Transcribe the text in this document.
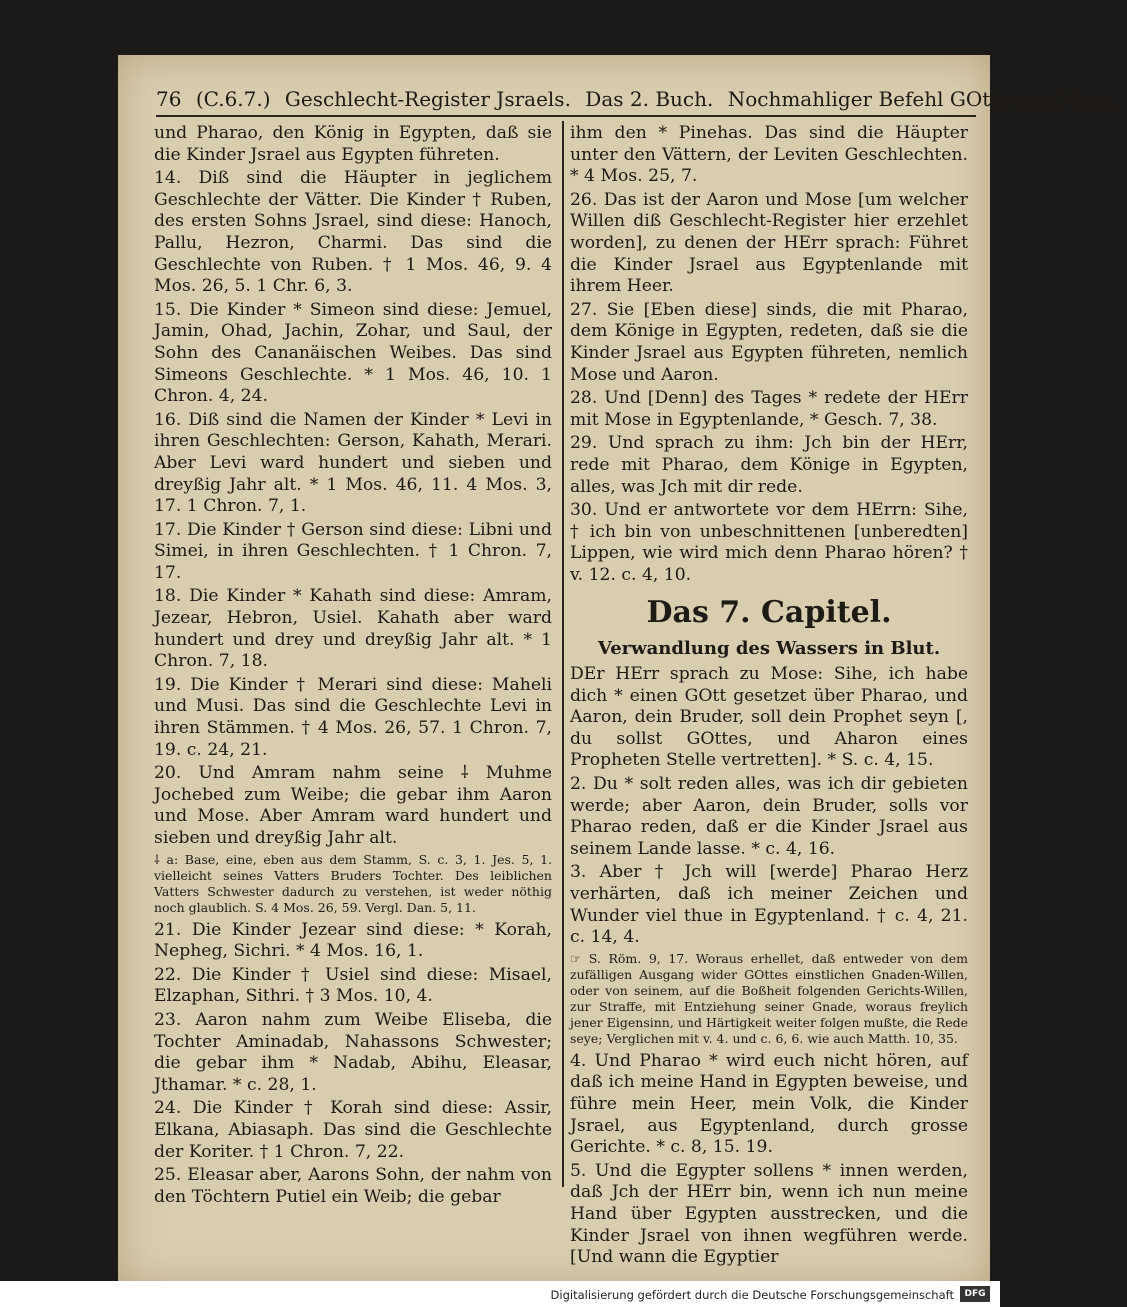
76 (C.6.7.) Geschlecht-Register Jsraels. Das 2. Buch. Nochmahliger Befehl GOttes an Mose.

und Pharao, den König in Egypten, daß sie die Kinder Jsrael aus Egypten führeten.

14. Diß sind die Häupter in jeglichem Geschlechte der Vätter. Die Kinder † Ruben, des ersten Sohns Jsrael, sind diese: Hanoch, Pallu, Hezron, Charmi. Das sind die Geschlechte von Ruben. † 1 Mos. 46, 9. 4 Mos. 26, 5. 1 Chr. 6, 3.

15. Die Kinder * Simeon sind diese: Jemuel, Jamin, Ohad, Jachin, Zohar, und Saul, der Sohn des Cananäischen Weibes. Das sind Simeons Geschlechte. * 1 Mos. 46, 10. 1 Chron. 4, 24.

16. Diß sind die Namen der Kinder * Levi in ihren Geschlechten: Gerson, Kahath, Merari. Aber Levi ward hundert und sieben und dreyßig Jahr alt. * 1 Mos. 46, 11. 4 Mos. 3, 17. 1 Chron. 7, 1.

17. Die Kinder † Gerson sind diese: Libni und Simei, in ihren Geschlechten. † 1 Chron. 7, 17.

18. Die Kinder * Kahath sind diese: Amram, Jezear, Hebron, Usiel. Kahath aber ward hundert und drey und dreyßig Jahr alt. * 1 Chron. 7, 18.

19. Die Kinder † Merari sind diese: Maheli und Musi. Das sind die Geschlechte Levi in ihren Stämmen. † 4 Mos. 26, 57. 1 Chron. 7, 19. c. 24, 21.

20. Und Amram nahm seine ⸸ Muhme Jochebed zum Weibe; die gebar ihm Aaron und Mose. Aber Amram ward hundert und sieben und dreyßig Jahr alt.

⸸ a: Base, eine, eben aus dem Stamm, S. c. 3, 1. Jes. 5, 1. vielleicht seines Vatters Bruders Tochter. Des leiblichen Vatters Schwester dadurch zu verstehen, ist weder nöthig noch glaublich. S. 4 Mos. 26, 59. Vergl. Dan. 5, 11.

21. Die Kinder Jezear sind diese: * Korah, Nepheg, Sichri. * 4 Mos. 16, 1.

22. Die Kinder † Usiel sind diese: Misael, Elzaphan, Sithri. † 3 Mos. 10, 4.

23. Aaron nahm zum Weibe Eliseba, die Tochter Aminadab, Nahassons Schwester; die gebar ihm * Nadab, Abihu, Eleasar, Jthamar. * c. 28, 1.

24. Die Kinder † Korah sind diese: Assir, Elkana, Abiasaph. Das sind die Geschlechte der Koriter. † 1 Chron. 7, 22.

25. Eleasar aber, Aarons Sohn, der nahm von den Töchtern Putiel ein Weib; die gebar

ihm den * Pinehas. Das sind die Häupter unter den Vättern, der Leviten Geschlechten. * 4 Mos. 25, 7.

26. Das ist der Aaron und Mose [um welcher Willen diß Geschlecht-Register hier erzehlet worden], zu denen der HErr sprach: Führet die Kinder Jsrael aus Egyptenlande mit ihrem Heer.

27. Sie [Eben diese] sinds, die mit Pharao, dem Könige in Egypten, redeten, daß sie die Kinder Jsrael aus Egypten führeten, nemlich Mose und Aaron.

28. Und [Denn] des Tages * redete der HErr mit Mose in Egyptenlande, * Gesch. 7, 38.

29. Und sprach zu ihm: Jch bin der HErr, rede mit Pharao, dem Könige in Egypten, alles, was Jch mit dir rede.

30. Und er antwortete vor dem HErrn: Sihe, † ich bin von unbeschnittenen [unberedten] Lippen, wie wird mich denn Pharao hören? † v. 12. c. 4, 10.

Das 7. Capitel.
Verwandlung des Wassers in Blut.

DEr HErr sprach zu Mose: Sihe, ich habe dich * einen GOtt gesetzet über Pharao, und Aaron, dein Bruder, soll dein Prophet seyn [, du sollst GOttes, und Aharon eines Propheten Stelle vertretten]. * S. c. 4, 15.

2. Du * solt reden alles, was ich dir gebieten werde; aber Aaron, dein Bruder, solls vor Pharao reden, daß er die Kinder Jsrael aus seinem Lande lasse. * c. 4, 16.

3. Aber † Jch will [werde] Pharao Herz verhärten, daß ich meiner Zeichen und Wunder viel thue in Egyptenland. † c. 4, 21. c. 14, 4.

☞ S. Röm. 9, 17. Woraus erhellet, daß entweder von dem zufälligen Ausgang wider GOttes einstlichen Gnaden-Willen, oder von seinem, auf die Boßheit folgenden Gerichts-Willen, zur Straffe, mit Entziehung seiner Gnade, woraus freylich jener Eigensinn, und Härtigkeit weiter folgen mußte, die Rede seye; Verglichen mit v. 4. und c. 6, 6. wie auch Matth. 10, 35.

4. Und Pharao * wird euch nicht hören, auf daß ich meine Hand in Egypten beweise, und führe mein Heer, mein Volk, die Kinder Jsrael, aus Egyptenland, durch grosse Gerichte. * c. 8, 15. 19.

5. Und die Egypter sollens * innen werden, daß Jch der HErr bin, wenn ich nun meine Hand über Egypten ausstrecken, und die Kinder Jsrael von ihnen wegführen werde. [Und wann die Egyptier

Digitalisierung gefördert durch die Deutsche Forschungsgemeinschaft	DFG
